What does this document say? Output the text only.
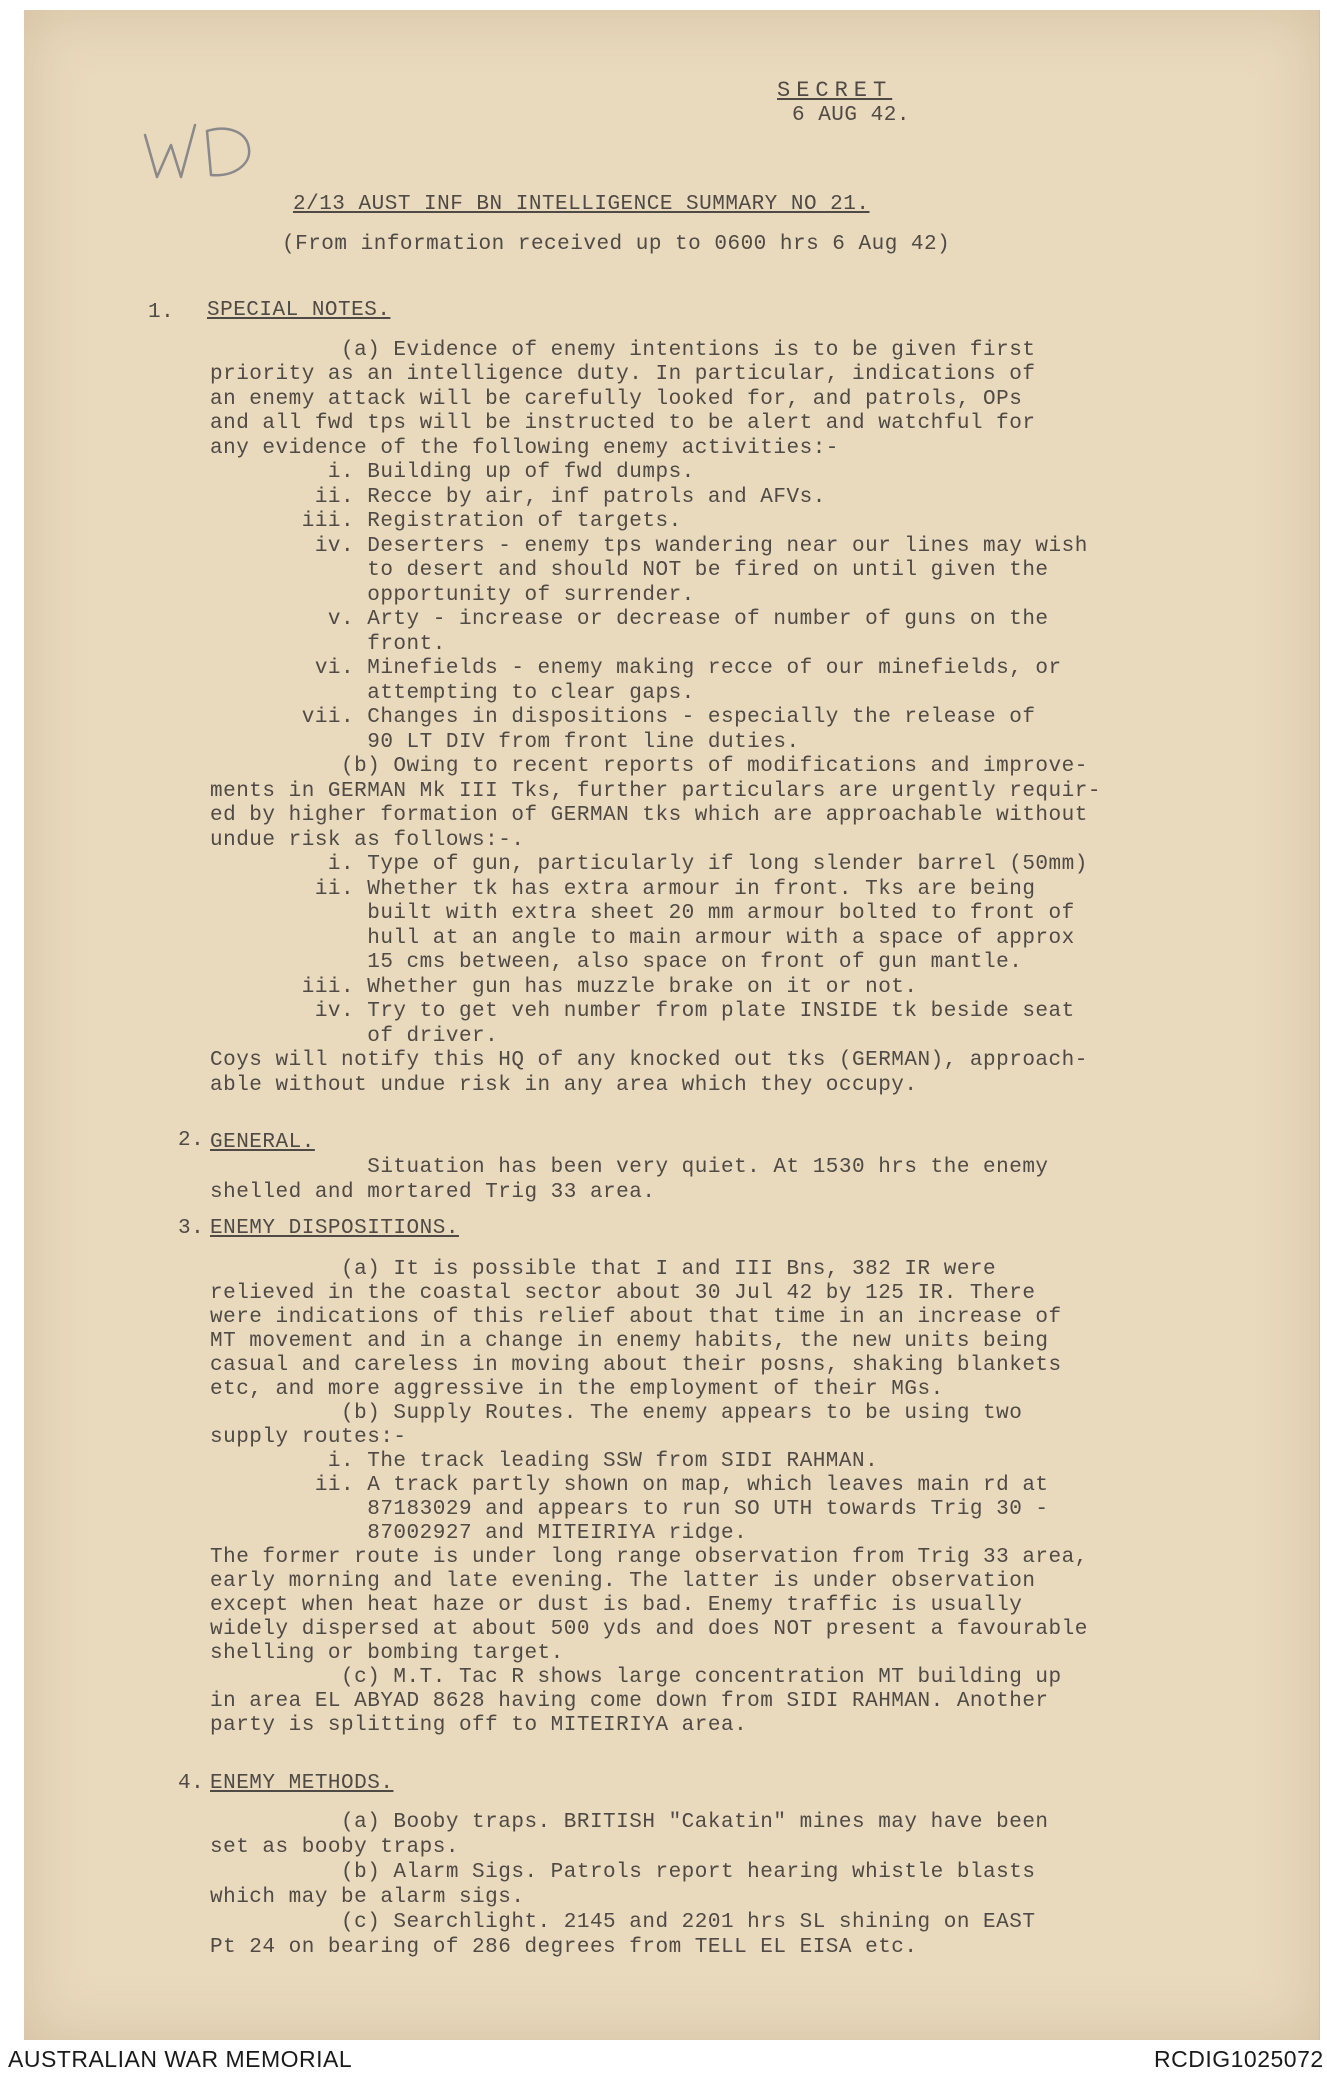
SECRET
6 AUG 42.
2/13 AUST INF BN INTELLIGENCE SUMMARY NO 21.
(From information received up to 0600 hrs 6 Aug 42)
1. SPECIAL NOTES.

(a) Evidence of enemy intentions is to be given first
priority as an intelligence duty. In particular, indications of
an enemy attack will be carefully looked for, and patrols, OPs
and all fwd tps will be instructed to be alert and watchful for
any evidence of the following enemy activities:-
i. Building up of fwd dumps.
ii. Recce by air, inf patrols and AFVs.
iii. Registration of targets.
iv. Deserters - enemy tps wandering near our lines may wish
to desert and should NOT be fired on until given the
opportunity of surrender.
v. Arty - increase or decrease of number of guns on the
front.
vi. Minefields - enemy making recce of our minefields, or
attempting to clear gaps.
vii. Changes in dispositions - especially the release of
90 LT DIV from front line duties.
(b) Owing to recent reports of modifications and improve-
ments in GERMAN Mk III Tks, further particulars are urgently requir-
ed by higher formation of GERMAN tks which are approachable without
undue risk as follows:-.
i. Type of gun, particularly if long slender barrel (50mm)
ii. Whether tk has extra armour in front. Tks are being
built with extra sheet 20 mm armour bolted to front of
hull at an angle to main armour with a space of approx
15 cms between, also space on front of gun mantle.
iii. Whether gun has muzzle brake on it or not.
iv. Try to get veh number from plate INSIDE tk beside seat
of driver.
Coys will notify this HQ of any knocked out tks (GERMAN), approach-
able without undue risk in any area which they occupy.
2. GENERAL.

Situation has been very quiet. At 1530 hrs the enemy
shelled and mortared Trig 33 area.
3. ENEMY DISPOSITIONS.

(a) It is possible that I and III Bns, 382 IR were
relieved in the coastal sector about 30 Jul 42 by 125 IR. There
were indications of this relief about that time in an increase of
MT movement and in a change in enemy habits, the new units being
casual and careless in moving about their posns, shaking blankets
etc, and more aggressive in the employment of their MGs.
(b) Supply Routes. The enemy appears to be using two
supply routes:-
i. The track leading SSW from SIDI RAHMAN.
ii. A track partly shown on map, which leaves main rd at
87183029 and appears to run SO UTH towards Trig 30 -
87002927 and MITEIRIYA ridge.
The former route is under long range observation from Trig 33 area,
early morning and late evening. The latter is under observation
except when heat haze or dust is bad. Enemy traffic is usually
widely dispersed at about 500 yds and does NOT present a favourable
shelling or bombing target.
(c) M.T. Tac R shows large concentration MT building up
in area EL ABYAD 8628 having come down from SIDI RAHMAN. Another
party is splitting off to MITEIRIYA area.
4. ENEMY METHODS.

(a) Booby traps. BRITISH "Cakatin" mines may have been
set as booby traps.
(b) Alarm Sigs. Patrols report hearing whistle blasts
which may be alarm sigs.
(c) Searchlight. 2145 and 2201 hrs SL shining on EAST
Pt 24 on bearing of 286 degrees from TELL EL EISA etc.
AUSTRALIAN WAR MEMORIAL	RCDIG1025072
